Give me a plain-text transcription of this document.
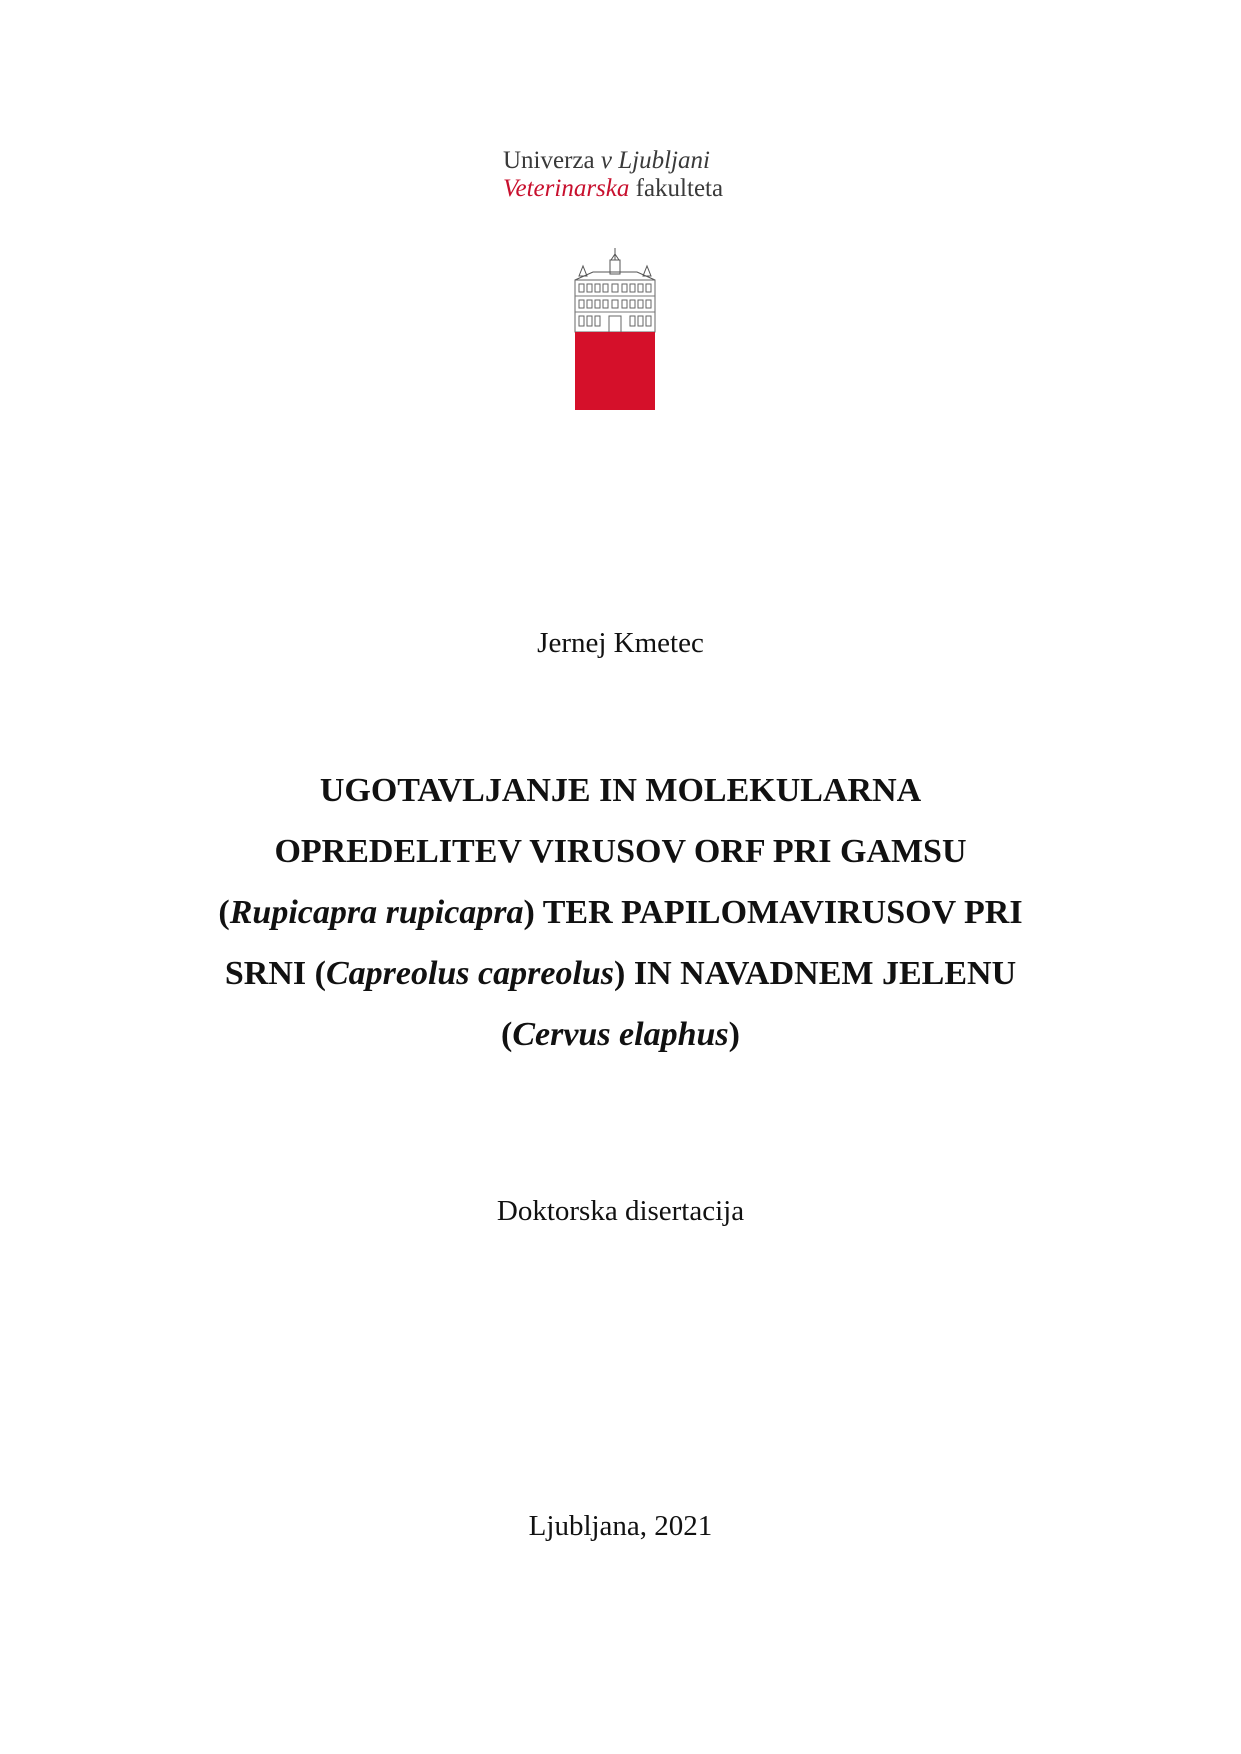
Univerza v Ljubljani
Veterinarska fakulteta
Jernej Kmetec
UGOTAVLJANJE IN MOLEKULARNA
OPREDELITEV VIRUSOV ORF PRI GAMSU
(Rupicapra rupicapra) TER PAPILOMAVIRUSOV PRI
SRNI (Capreolus capreolus) IN NAVADNEM JELENU
(Cervus elaphus)
Doktorska disertacija
Ljubljana, 2021
